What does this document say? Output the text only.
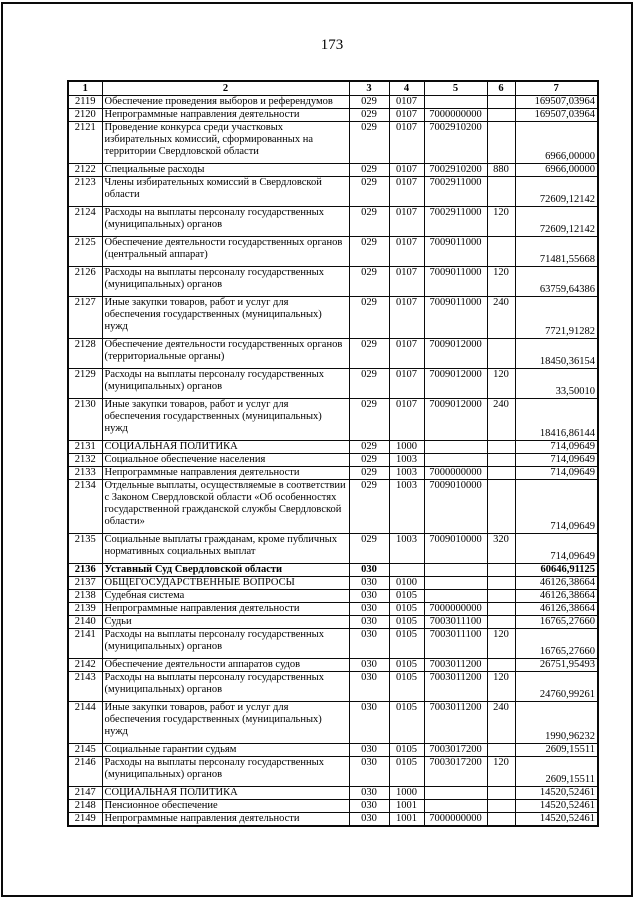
173
1	2	3	4	5	6	7
2119	Обеспечение проведения выборов и референдумов	029	0107			169507,03964
2120	Непрограммные направления деятельности	029	0107	7000000000		169507,03964
2121	Проведение конкурса среди участковых избирательных комиссий, сформированных на территории Свердловской области	029	0107	7002910200		6966,00000
2122	Специальные расходы	029	0107	7002910200	880	6966,00000
2123	Члены избирательных комиссий в Свердловской области	029	0107	7002911000		72609,12142
2124	Расходы на выплаты персоналу государственных (муниципальных) органов	029	0107	7002911000	120	72609,12142
2125	Обеспечение деятельности государственных органов (центральный аппарат)	029	0107	7009011000		71481,55668
2126	Расходы на выплаты персоналу государственных (муниципальных) органов	029	0107	7009011000	120	63759,64386
2127	Иные закупки товаров, работ и услуг для обеспечения государственных (муниципальных) нужд	029	0107	7009011000	240	7721,91282
2128	Обеспечение деятельности государственных органов (территориальные органы)	029	0107	7009012000		18450,36154
2129	Расходы на выплаты персоналу государственных (муниципальных) органов	029	0107	7009012000	120	33,50010
2130	Иные закупки товаров, работ и услуг для обеспечения государственных (муниципальных) нужд	029	0107	7009012000	240	18416,86144
2131	СОЦИАЛЬНАЯ ПОЛИТИКА	029	1000			714,09649
2132	Социальное обеспечение населения	029	1003			714,09649
2133	Непрограммные направления деятельности	029	1003	7000000000		714,09649
2134	Отдельные выплаты, осуществляемые в соответствии с Законом Свердловской области «Об особенностях государственной гражданской службы Свердловской области»	029	1003	7009010000		714,09649
2135	Социальные выплаты гражданам, кроме публичных нормативных социальных выплат	029	1003	7009010000	320	714,09649
2136	Уставный Суд Свердловской области	030				60646,91125
2137	ОБЩЕГОСУДАРСТВЕННЫЕ ВОПРОСЫ	030	0100			46126,38664
2138	Судебная система	030	0105			46126,38664
2139	Непрограммные направления деятельности	030	0105	7000000000		46126,38664
2140	Судьи	030	0105	7003011100		16765,27660
2141	Расходы на выплаты персоналу государственных (муниципальных) органов	030	0105	7003011100	120	16765,27660
2142	Обеспечение деятельности аппаратов судов	030	0105	7003011200		26751,95493
2143	Расходы на выплаты персоналу государственных (муниципальных) органов	030	0105	7003011200	120	24760,99261
2144	Иные закупки товаров, работ и услуг для обеспечения государственных (муниципальных) нужд	030	0105	7003011200	240	1990,96232
2145	Социальные гарантии судьям	030	0105	7003017200		2609,15511
2146	Расходы на выплаты персоналу государственных (муниципальных) органов	030	0105	7003017200	120	2609,15511
2147	СОЦИАЛЬНАЯ ПОЛИТИКА	030	1000			14520,52461
2148	Пенсионное обеспечение	030	1001			14520,52461
2149	Непрограммные направления деятельности	030	1001	7000000000		14520,52461
